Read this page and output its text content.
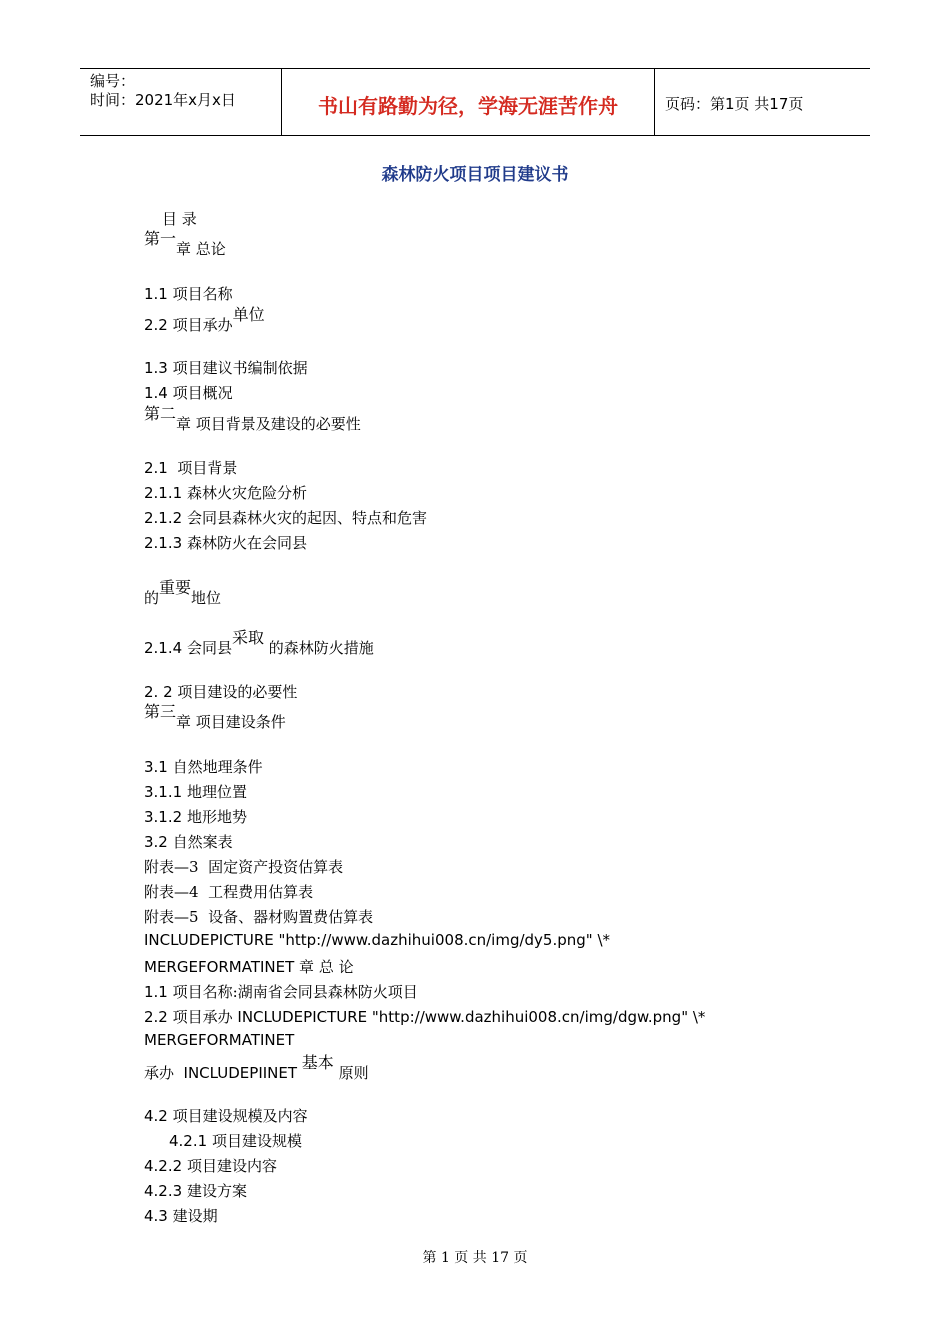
编号：
时间：2021年x月x日	书山有路勤为径，学海无涯苦作舟	页码：第1页 共17页
森林防火项目项目建议书
目 录
第一章 总论
1.1 项目名称
2.2 项目承办单位
1.3 项目建议书编制依据
1.4 项目概况
第二章 项目背景及建设的必要性
2.1  项目背景
2.1.1 森林火灾危险分析
2.1.2 会同县森林火灾的起因、特点和危害
2.1.3 森林防火在会同县
的重要地位
2.1.4 会同县采取 的森林防火措施
2. 2 项目建设的必要性
第三章 项目建设条件
3.1 自然地理条件
3.1.1 地理位置
3.1.2 地形地势
3.2 自然案表
附表—3  固定资产投资估算表
附表—4  工程费用估算表
附表—5  设备、器材购置费估算表
INCLUDEPICTURE "http://www.dazhihui008.cn/img/dy5.png" \*
MERGEFORMATINET 章 总 论
1.1 项目名称:湖南省会同县森林防火项目
2.2 项目承办 INCLUDEPICTURE "http://www.dazhihui008.cn/img/dgw.png" \*
MERGEFORMATINET
承办  INCLUDEPIINET 基本 原则
4.2 项目建设规模及内容
4.2.1 项目建设规模
4.2.2 项目建设内容
4.2.3 建设方案
4.3 建设期
第 1 页 共 17 页
